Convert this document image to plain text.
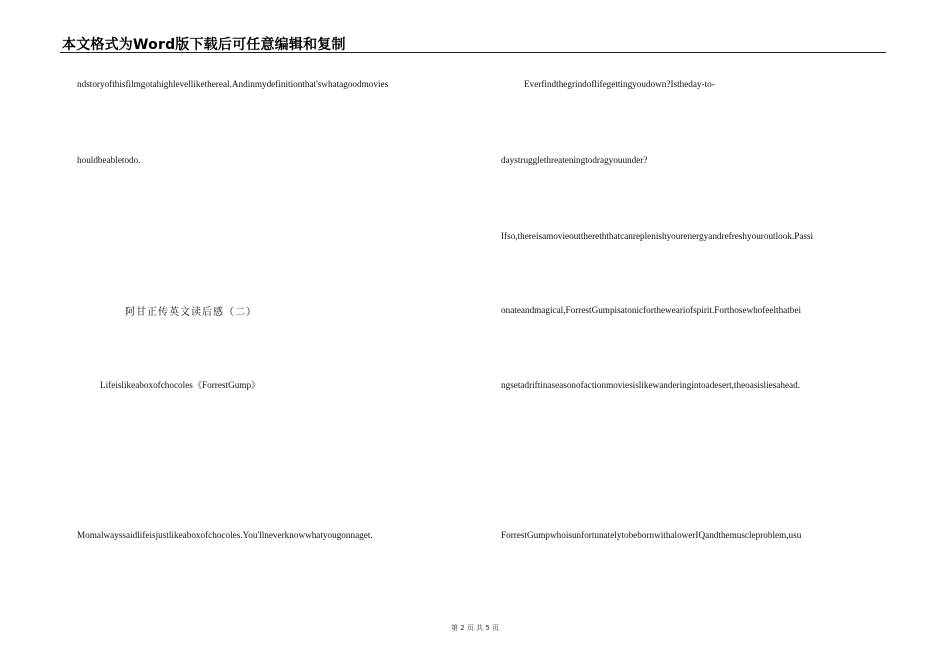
本文格式为Word版下载后可任意编辑和复制
ndstoryofthisfilmgotahighlevellikethereal.Andinmydefinitionthat'swhatagoodmovies
houldbeabletodo.
阿甘正传英文读后感（二）
Lifeislikeaboxofchocoles《ForrestGump》
Momalwayssaidlifeisjustlikeaboxofchocoles.You'llneverknowwhatyougonnaget.
Everfindthegrindoflifegettingyoudown?Istheday-to-
daystrugglethreateningtodragyouunder?
Ifso,thereisamovieoutthereththatcanreplenishyourenergyandrefreshyouroutlook.Passi
onateandmagical,ForrestGumpisatonicfortheweariofspirit.Forthosewhofeelthatbei
ngsetadriftinaseasonofactionmoviesislikewanderingintoadesert,theoasisliesahead.
ForrestGumpwhoisunfortunatelytobebornwithalowerIQandthemuscleproblem,usu
第 2 页 共 5 页
